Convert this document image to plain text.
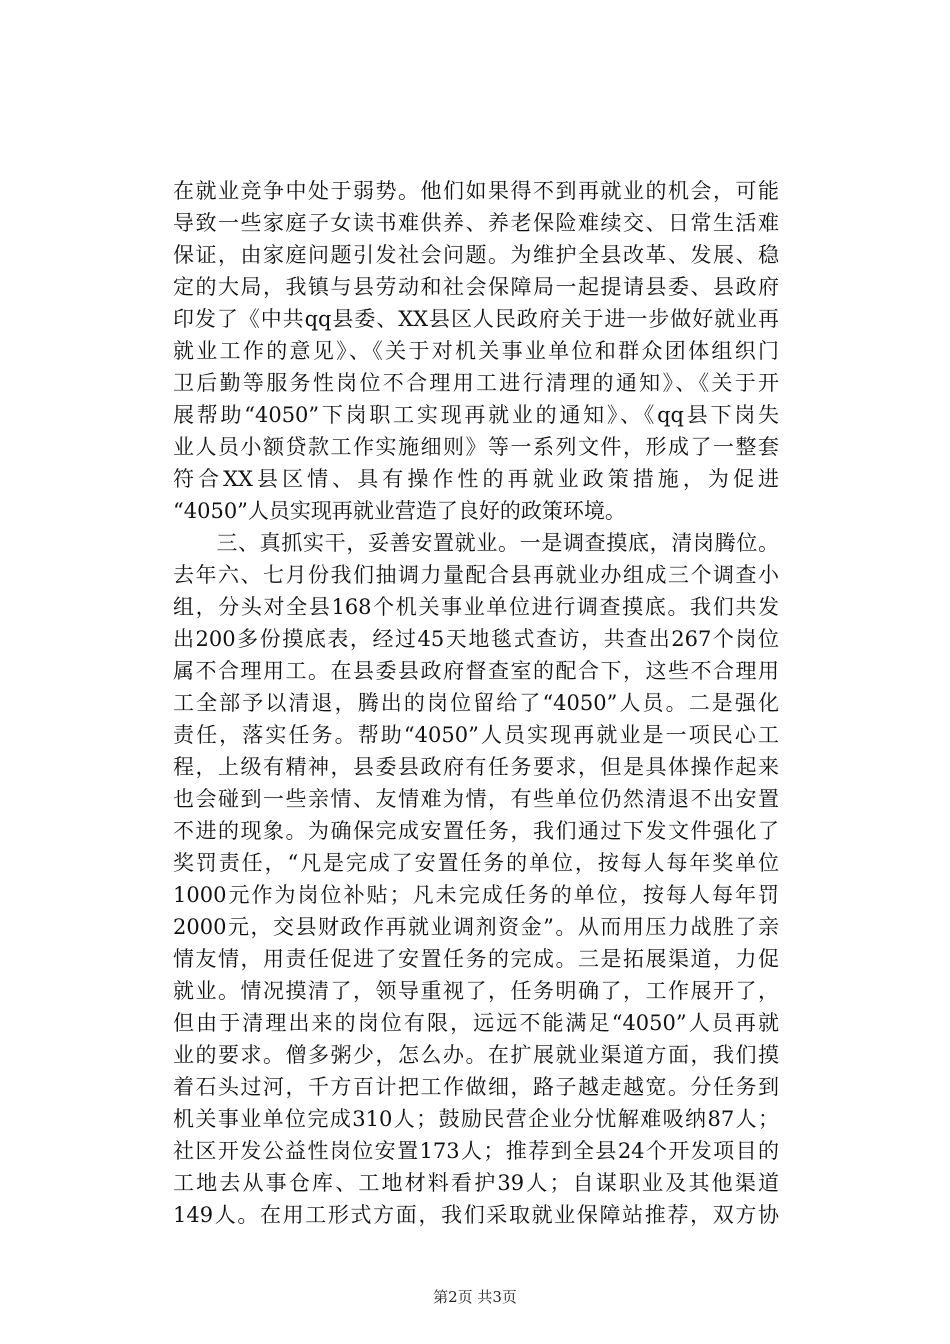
在就业竞争中处于弱势。他们如果得不到再就业的机会，可能
导致一些家庭子女读书难供养、养老保险难续交、日常生活难
保证，由家庭问题引发社会问题。为维护全县改革、发展、稳
定的大局，我镇与县劳动和社会保障局一起提请县委、县政府
印发了《中共qq县委、XX县区人民政府关于进一步做好就业再
就业工作的意见》、《关于对机关事业单位和群众团体组织门
卫后勤等服务性岗位不合理用工进行清理的通知》、《关于开
展帮助“4050”下岗职工实现再就业的通知》、《qq县下岗失
业人员小额贷款工作实施细则》等一系列文件，形成了一整套
符合XX县区情、具有操作性的再就业政策措施，为促进
“4050”人员实现再就业营造了良好的政策环境。
　　三、真抓实干，妥善安置就业。一是调查摸底，清岗腾位。
去年六、七月份我们抽调力量配合县再就业办组成三个调查小
组，分头对全县168个机关事业单位进行调查摸底。我们共发
出200多份摸底表，经过45天地毯式查访，共查出267个岗位
属不合理用工。在县委县政府督查室的配合下，这些不合理用
工全部予以清退，腾出的岗位留给了“4050”人员。二是强化
责任，落实任务。帮助“4050”人员实现再就业是一项民心工
程，上级有精神，县委县政府有任务要求，但是具体操作起来
也会碰到一些亲情、友情难为情，有些单位仍然清退不出安置
不进的现象。为确保完成安置任务，我们通过下发文件强化了
奖罚责任，“凡是完成了安置任务的单位，按每人每年奖单位
1000元作为岗位补贴；凡未完成任务的单位，按每人每年罚
2000元，交县财政作再就业调剂资金”。从而用压力战胜了亲
情友情，用责任促进了安置任务的完成。三是拓展渠道，力促
就业。情况摸清了，领导重视了，任务明确了，工作展开了，
但由于清理出来的岗位有限，远远不能满足“4050”人员再就
业的要求。僧多粥少，怎么办。在扩展就业渠道方面，我们摸
着石头过河，千方百计把工作做细，路子越走越宽。分任务到
机关事业单位完成310人；鼓励民营企业分忧解难吸纳87人；
社区开发公益性岗位安置173人；推荐到全县24个开发项目的
工地去从事仓库、工地材料看护39人；自谋职业及其他渠道
149人。在用工形式方面，我们采取就业保障站推荐，双方协
第2页 共3页
